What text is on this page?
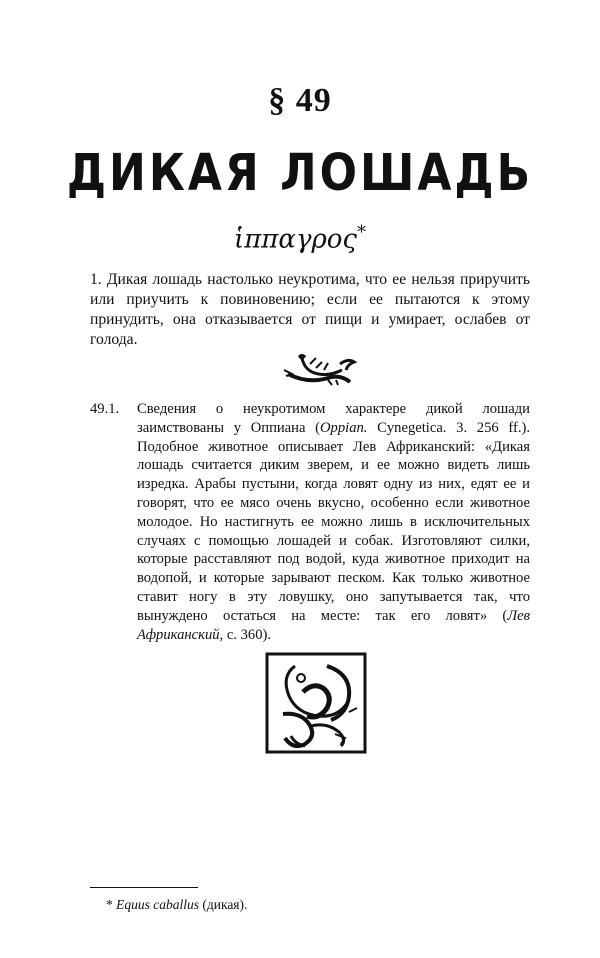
§ 49
ДИКАЯ ЛОШАДЬ
ἱππαγρος*
1. Дикая лошадь настолько неукротима, что ее нельзя приручить или приучить к повиновению; если ее пытаются к этому принудить, она отказывается от пищи и умирает, ослабев от голода.
49.1. Сведения о неукротимом характере дикой лошади заимствованы у Оппиана (Oppian. Cynegetica. 3. 256 ff.). Подобное животное описывает Лев Африканский: «Дикая лошадь считается диким зверем, и ее можно видеть лишь изредка. Арабы пустыни, когда ловят одну из них, едят ее и говорят, что ее мясо очень вкусно, особенно если животное молодое. Но настигнуть ее можно лишь в исключительных случаях с помощью лошадей и собак. Изготовляют силки, которые расставляют под водой, куда животное приходит на водопой, и которые зарывают песком. Как только животное ставит ногу в эту ловушку, оно запутывается так, что вынуждено остаться на месте: так его ловят» (Лев Африканский, с. 360).
* Equus caballus (дикая).
